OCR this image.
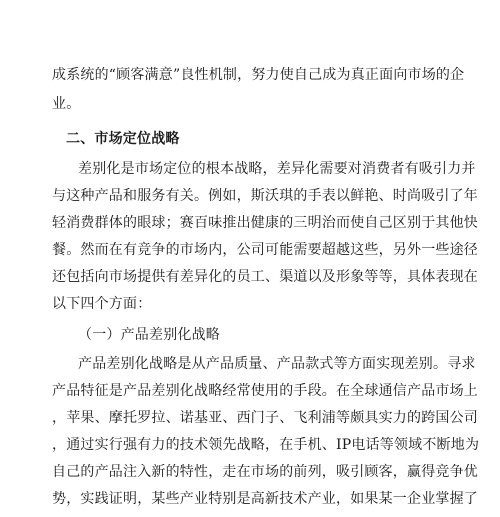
成系统的“顾客满意”良性机制，努力使自己成为真正面向市场的企
业。
二、市场定位战略
差别化是市场定位的根本战略，差异化需要对消费者有吸引力并
与这种产品和服务有关。例如，斯沃琪的手表以鲜艳、时尚吸引了年
轻消费群体的眼球；赛百味推出健康的三明治而使自己区别于其他快
餐。然而在有竞争的市场内，公司可能需要超越这些，另外一些途径
还包括向市场提供有差异化的员工、渠道以及形象等等，具体表现在
以下四个方面：
（一）产品差别化战略
产品差别化战略是从产品质量、产品款式等方面实现差别。寻求
产品特征是产品差别化战略经常使用的手段。在全球通信产品市场上
，苹果、摩托罗拉、诺基亚、西门子、飞利浦等颇具实力的跨国公司
，通过实行强有力的技术领先战略，在手机、IP电话等领域不断地为
自己的产品注入新的特性，走在市场的前列，吸引顾客，赢得竞争优
势，实践证明，某些产业特别是高新技术产业，如果某一企业掌握了
